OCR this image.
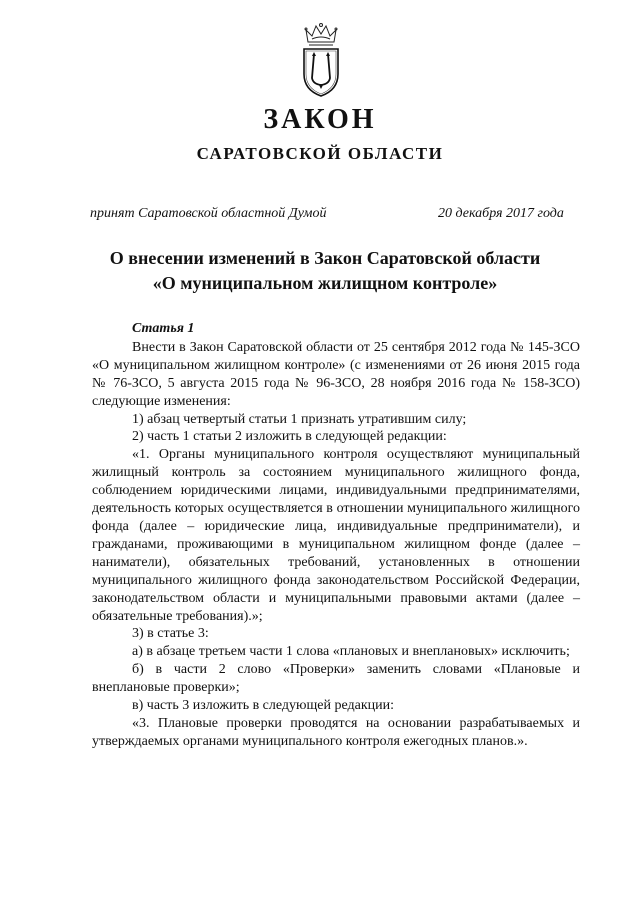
ЗАКОН
САРАТОВСКОЙ ОБЛАСТИ
принят Саратовской областной Думой	20 декабря 2017 года
О внесении изменений в Закон Саратовской области
«О муниципальном жилищном контроле»

Статья 1

Внести в Закон Саратовской области от 25 сентября 2012 года № 145-ЗСО «О муниципальном жилищном контроле» (с изменениями от 26 июня 2015 года № 76-ЗСО, 5 августа 2015 года № 96-ЗСО, 28 ноября 2016 года № 158-ЗСО) следующие изменения:

1) абзац четвертый статьи 1 признать утратившим силу;

2) часть 1 статьи 2 изложить в следующей редакции:

«1. Органы муниципального контроля осуществляют муниципальный жилищный контроль за состоянием муниципального жилищного фонда, соблюдением юридическими лицами, индивидуальными предпринимателями, деятельность которых осуществляется в отношении муниципального жилищного фонда (далее – юридические лица, индивидуальные предприниматели), и гражданами, проживающими в муниципальном жилищном фонде (далее – наниматели), обязательных требований, установленных в отношении муниципального жилищного фонда законодательством Российской Федерации, законодательством области и муниципальными правовыми актами (далее – обязательные требования).»;

3) в статье 3:

а) в абзаце третьем части 1 слова «плановых и внеплановых» исключить;

б) в части 2 слово «Проверки» заменить словами «Плановые и внеплановые проверки»;

в) часть 3 изложить в следующей редакции:

«3. Плановые проверки проводятся на основании разрабатываемых и утверждаемых органами муниципального контроля ежегодных планов.».
